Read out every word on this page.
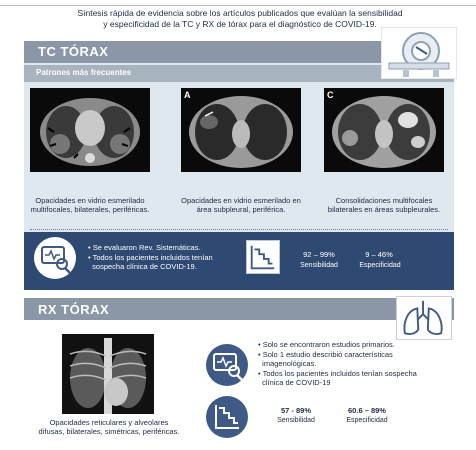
Síntesis rápida de evidencia sobre los artículos publicados que evalúan la sensibilidad
y especificidad de la TC y RX de tórax para el diagnóstico de COVID-19.
TC TÓRAX
Patrones más frecuentes
A	C
Opacidades en vidrio esmerilado
multifocales, bilaterales, periféricas.
Opacidades en vidrio esmerilado en
área subpleural, periférica.
Consolidaciones multifocales
bilaterales en áreas subpleurales.
• Se evaluaron Rev. Sistemáticas.
• Todos los pacientes incluidos tenían
sospecha clínica de COVID-19.
92 – 99%
Sensibilidad
9 – 46%
Especificidad
RX TÓRAX
Opacidades reticulares y alveolares
difusas, bilaterales, simétricas, periféricas.
• Solo se encontraron estudios primarios.
• Solo 1 estudio describió características
imagenológicas.
• Todos los pacientes incluidos tenían sospecha
clínica de COVID-19
57 - 89%
Sensibilidad
60.6 – 89%
Especificidad
